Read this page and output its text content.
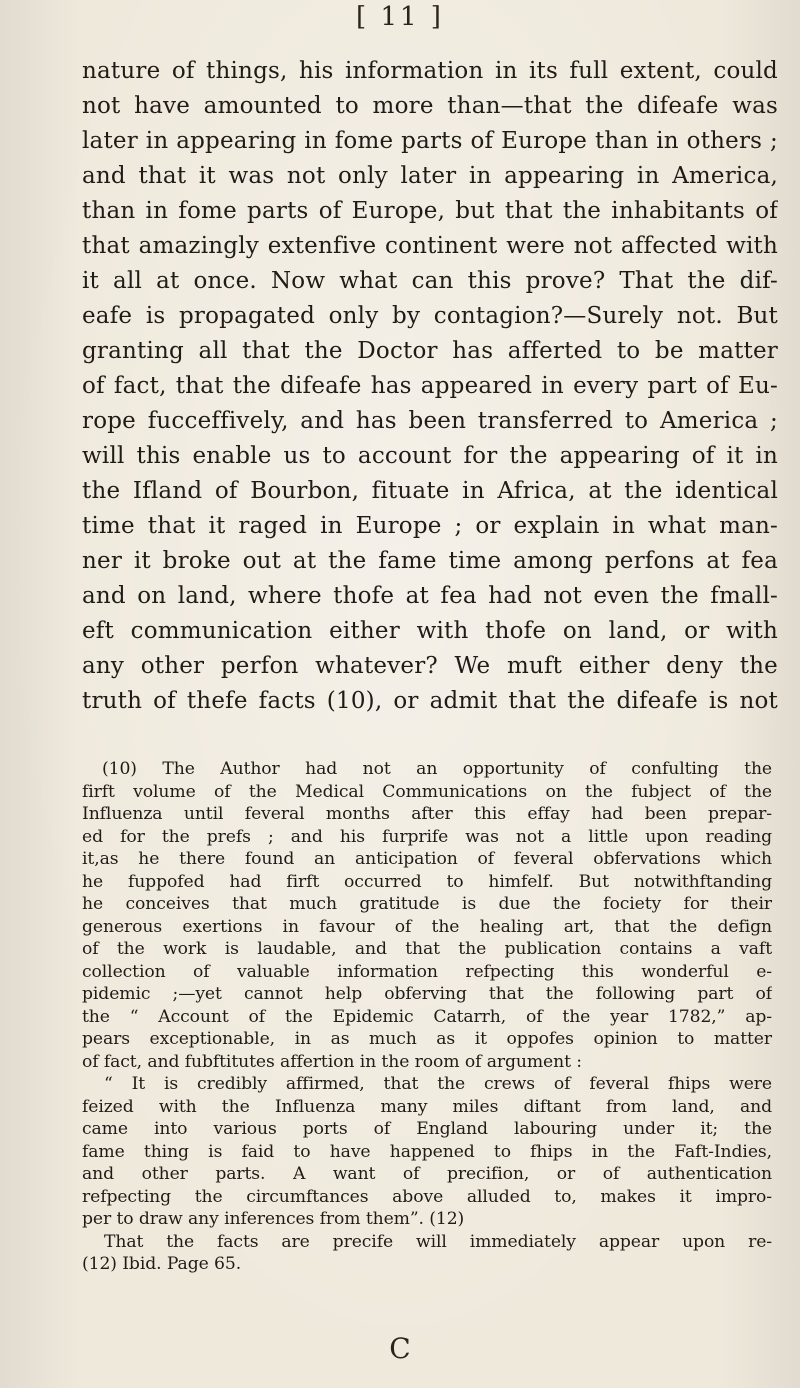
[ 11 ]
nature of things, his information in its full extent, could
not have amounted to more than—that the difeafe was
later in appearing in fome parts of Europe than in others ;
and that it was not only later in appearing in America,
than in fome parts of Europe, but that the inhabitants of
that amazingly extenfive continent were not affected with
it all at once. Now what can this prove? That the dif-
eafe is propagated only by contagion?—Surely not. But
granting all that the Doctor has afferted to be matter
of fact, that the difeafe has appeared in every part of Eu-
rope fucceffively, and has been transferred to America ;
will this enable us to account for the appearing of it in
the Ifland of Bourbon, fituate in Africa, at the identical
time that it raged in Europe ; or explain in what man-
ner it broke out at the fame time among perfons at fea
and on land, where thofe at fea had not even the fmall-
eft communication either with thofe on land, or with
any other perfon whatever? We muft either deny the
truth of thefe facts (10), or admit that the difeafe is not

(10) The Author had not an opportunity of confulting the

firft volume of the Medical Communications on the fubject of the

Influenza until feveral months after this effay had been prepar-

ed for the prefs ; and his furprife was not a little upon reading

it,as he there found an anticipation of feveral obfervations which

he fuppofed had firft occurred to himfelf. But notwithftanding

he conceives that much gratitude is due the fociety for their

generous exertions in favour of the healing art, that the defign

of the work is laudable, and that the publication contains a vaft

collection of valuable information refpecting this wonderful e-

pidemic ;—yet cannot help obferving that the following part of

the “ Account of the Epidemic Catarrh, of the year 1782,” ap-

pears exceptionable, in as much as it oppofes opinion to matter

of fact, and fubftitutes affertion in the room of argument :

“ It is credibly affirmed, that the crews of feveral fhips were

feized with the Influenza many miles diftant from land, and

came into various ports of England labouring under it; the

fame thing is faid to have happened to fhips in the Faft-Indies,

and other parts. A want of precifion, or of authentication

refpecting the circumftances above alluded to, makes it impro-

per to draw any inferences from them”. (12)

That the facts are precife will immediately appear upon re-

(12) Ibid. Page 65.

C
